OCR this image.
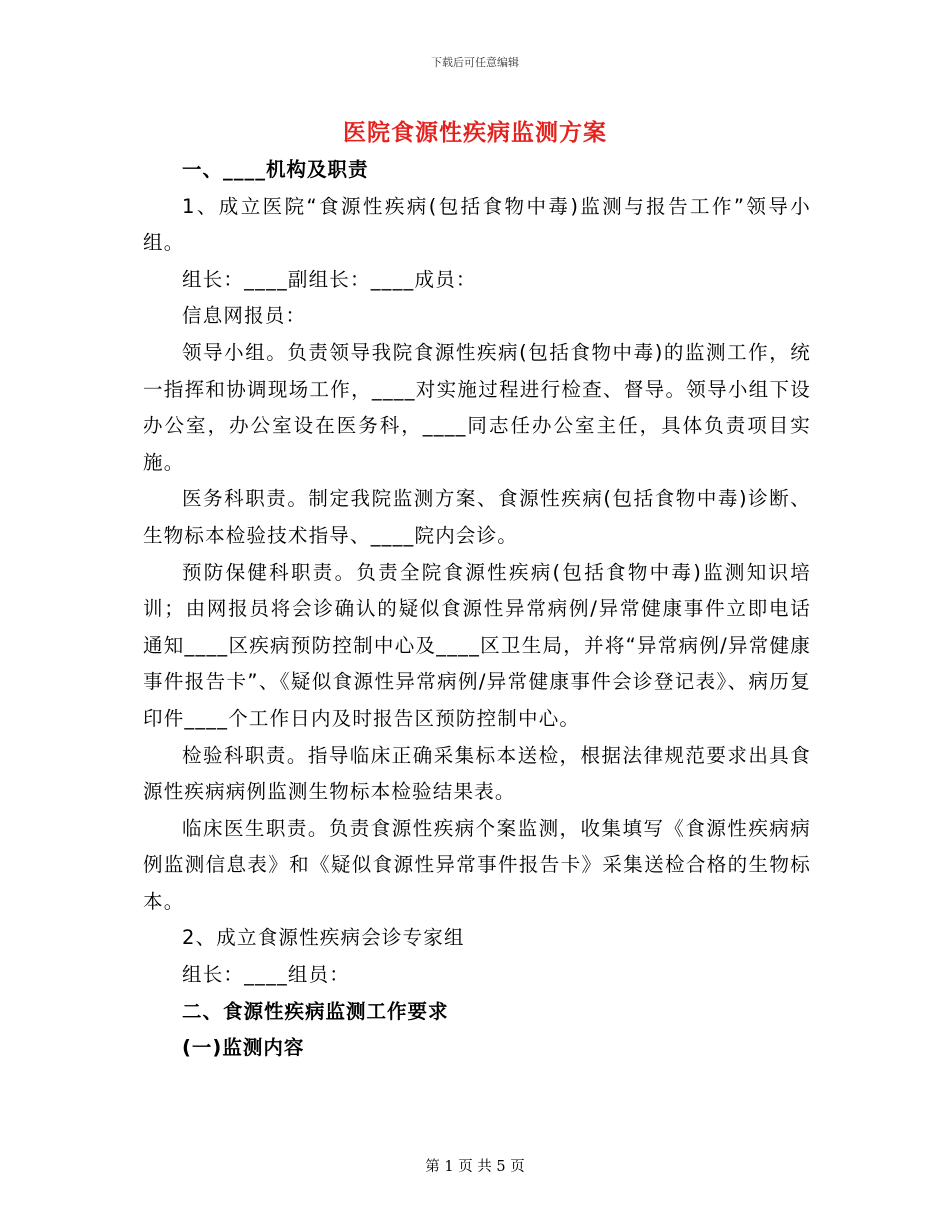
下载后可任意编辑
医院食源性疾病监测方案
一、____机构及职责

1、成立医院“食源性疾病(包括食物中毒)监测与报告工作”领导小组。

组长：____副组长：____成员：

信息网报员：

领导小组。负责领导我院食源性疾病(包括食物中毒)的监测工作，统一指挥和协调现场工作，____对实施过程进行检查、督导。领导小组下设办公室，办公室设在医务科，____同志任办公室主任，具体负责项目实施。

医务科职责。制定我院监测方案、食源性疾病(包括食物中毒)诊断、生物标本检验技术指导、____院内会诊。

预防保健科职责。负责全院食源性疾病(包括食物中毒)监测知识培训；由网报员将会诊确认的疑似食源性异常病例/异常健康事件立即电话通知____区疾病预防控制中心及____区卫生局，并将“异常病例/异常健康事件报告卡”、《疑似食源性异常病例/异常健康事件会诊登记表》、病历复印件____个工作日内及时报告区预防控制中心。

检验科职责。指导临床正确采集标本送检，根据法律规范要求出具食源性疾病病例监测生物标本检验结果表。

临床医生职责。负责食源性疾病个案监测，收集填写《食源性疾病病例监测信息表》和《疑似食源性异常事件报告卡》采集送检合格的生物标本。

2、成立食源性疾病会诊专家组

组长：____组员：

二、食源性疾病监测工作要求
(一)监测内容
第 1 页 共 5 页
